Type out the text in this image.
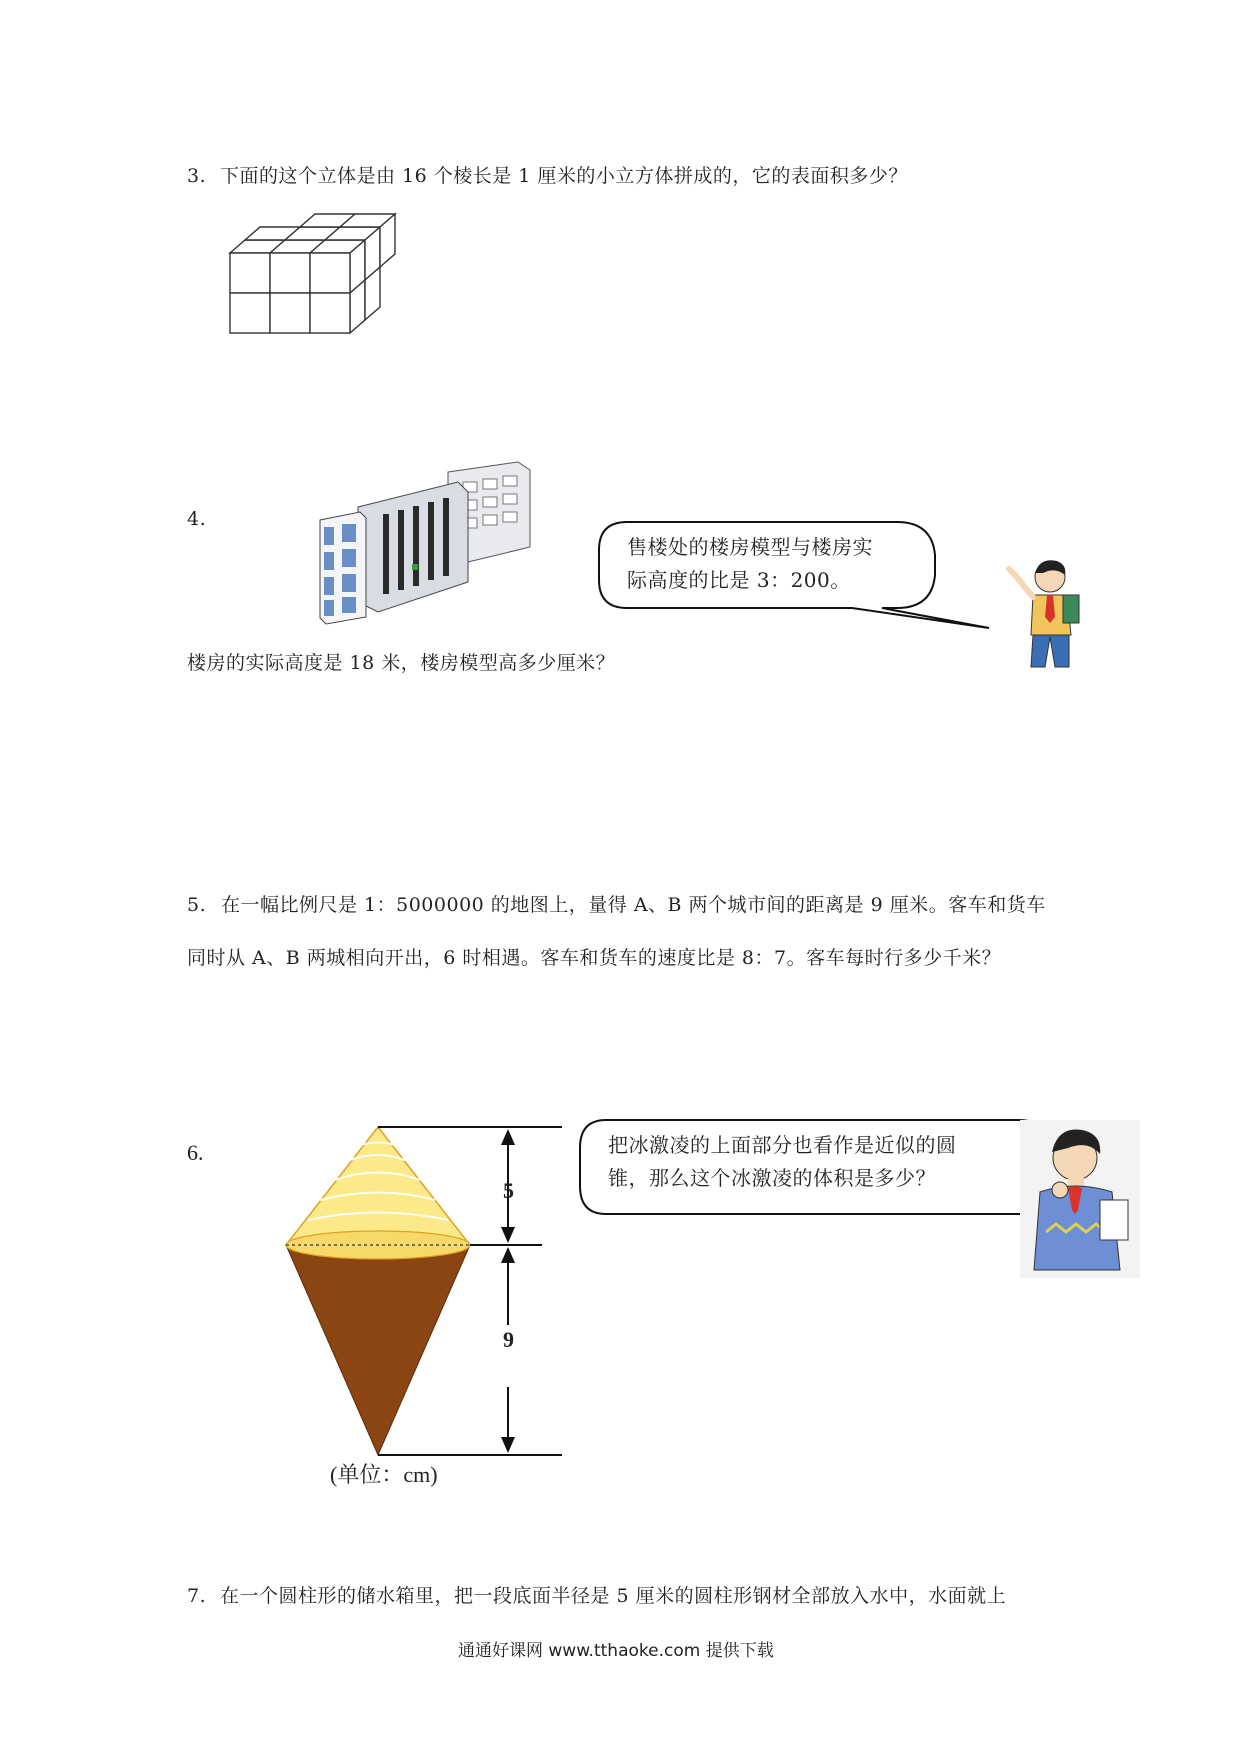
3. 下面的这个立体是由 16 个棱长是 1 厘米的小立方体拼成的，它的表面积多少？
4.
售楼处的楼房模型与楼房实
际高度的比是 3：200。
楼房的实际高度是 18 米，楼房模型高多少厘米？
5. 在一幅比例尺是 1：5000000 的地图上，量得 A、B 两个城市间的距离是 9 厘米。客车和货车
同时从 A、B 两城相向开出，6 时相遇。客车和货车的速度比是 8：7。客车每时行多少千米？
6.
5
9
(单位：cm)
把冰激凌的上面部分也看作是近似的圆
锥，那么这个冰激凌的体积是多少？
7. 在一个圆柱形的储水箱里，把一段底面半径是 5 厘米的圆柱形钢材全部放入水中，水面就上
通通好课网 www.tthaoke.com 提供下载
